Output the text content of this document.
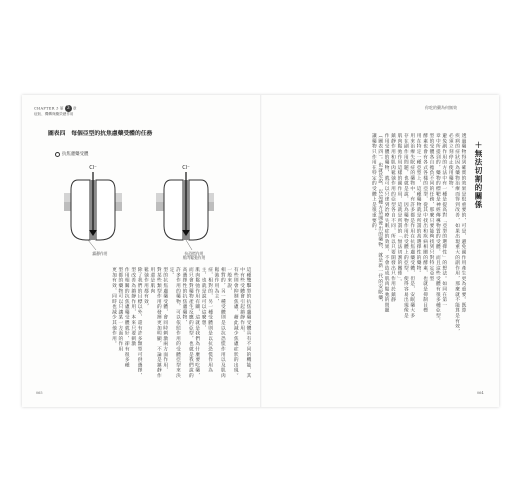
CHAPTER 3 第 3 章
症狀、機轉與藥效總作用
你吃的藥為何無效
圖表四　每個亞型的抗焦慮藥受體的任務
抗焦慮藥受體
Cl⁻	Cl⁻
鎮靜作用	抗恐慌作用
肌肉鬆弛作用
這種雙擊型的抗焦慮藥受體具有不同的機能，其中有些受體會引起鎮靜作用，
有些則會抑制焦慮，藉此減少焦慮症狀的出現。一般來說，
相對的，另一種受體則是以抗恐慌作用以及肌肉鬆弛作用為主，
症，相對的，另一種受體則是以抗恐慌作用為主，也就是說可以這麼想，
肌肉鬆弛作用有關，這就是我們為什麼要吃藥，
而只會對藥物產生反應的亞型，也就是我們說的高選擇性的抗焦慮藥物，
許多作用的藥物，可以依照作用的受體亞型來決定。
型的抗焦慮藥受體，會同時刺激兩方面作用，
對某些類型作用的發揮更加明顯，不論是鎮靜作用還是肌肉
鬆弛作用都有效，
除了我們的目標以外，還有許多類型可供選擇，
型改善為鎮靜作用，本來只要刺激
作用相關的抗焦慮藥受體就好，卻有很多種
型都的藥物可以只讓某一方面的作用
更加有效，同時也減少其他作用。
＋無法切割的關係
透過藥物得到確實的效果是很重要的，可是，避免副作用產生更為重要。既算
疾病的症狀因為藥物治療而得到改善，如果出現重大的副作用，那麼就不能算是有效，
必須立刻停止使用藥物。
避免副作用的方法中有一種是提高對「亞型的選擇性」的想法。如同在第一
章中所提到的，藥物的標靶是神經傳導物質的受體，而且這些受體有很多種亞型，
型的受體各自擔負不同的任務，那麼只要能夠找到只對特定亞型
酵素也會有各式各樣的亞型，從其中找出和疾病相關的酵素，也就是抑制目標
用在特定一種亞型上，這種藥物就是所謂的高選擇性的藥物。
用來治療失眠症的藥物中，有許多都是作用在抗焦慮藥受體，但是，安眠藥大多
存在副作用問題，也就是說，因為藥物作用於受體上的亞型，使得容易出現像是
肌肉鬆弛作用這樣的副作用，這就是所謂的「無法切割的關係」。
鎮靜作用和肌肉鬆弛作用的亞型各自不同，所以只要開發出只作用於鎮靜
作用受體的藥物，就可以只達到治療失眠症的效果，不會造成肌肉鬆弛的問題
（圖表四）。也就是說，以這種方法開發出的藥物，就是新一代的安眠藥，
讓藥物只作用在特定的受體上是很重要的。
065	064
